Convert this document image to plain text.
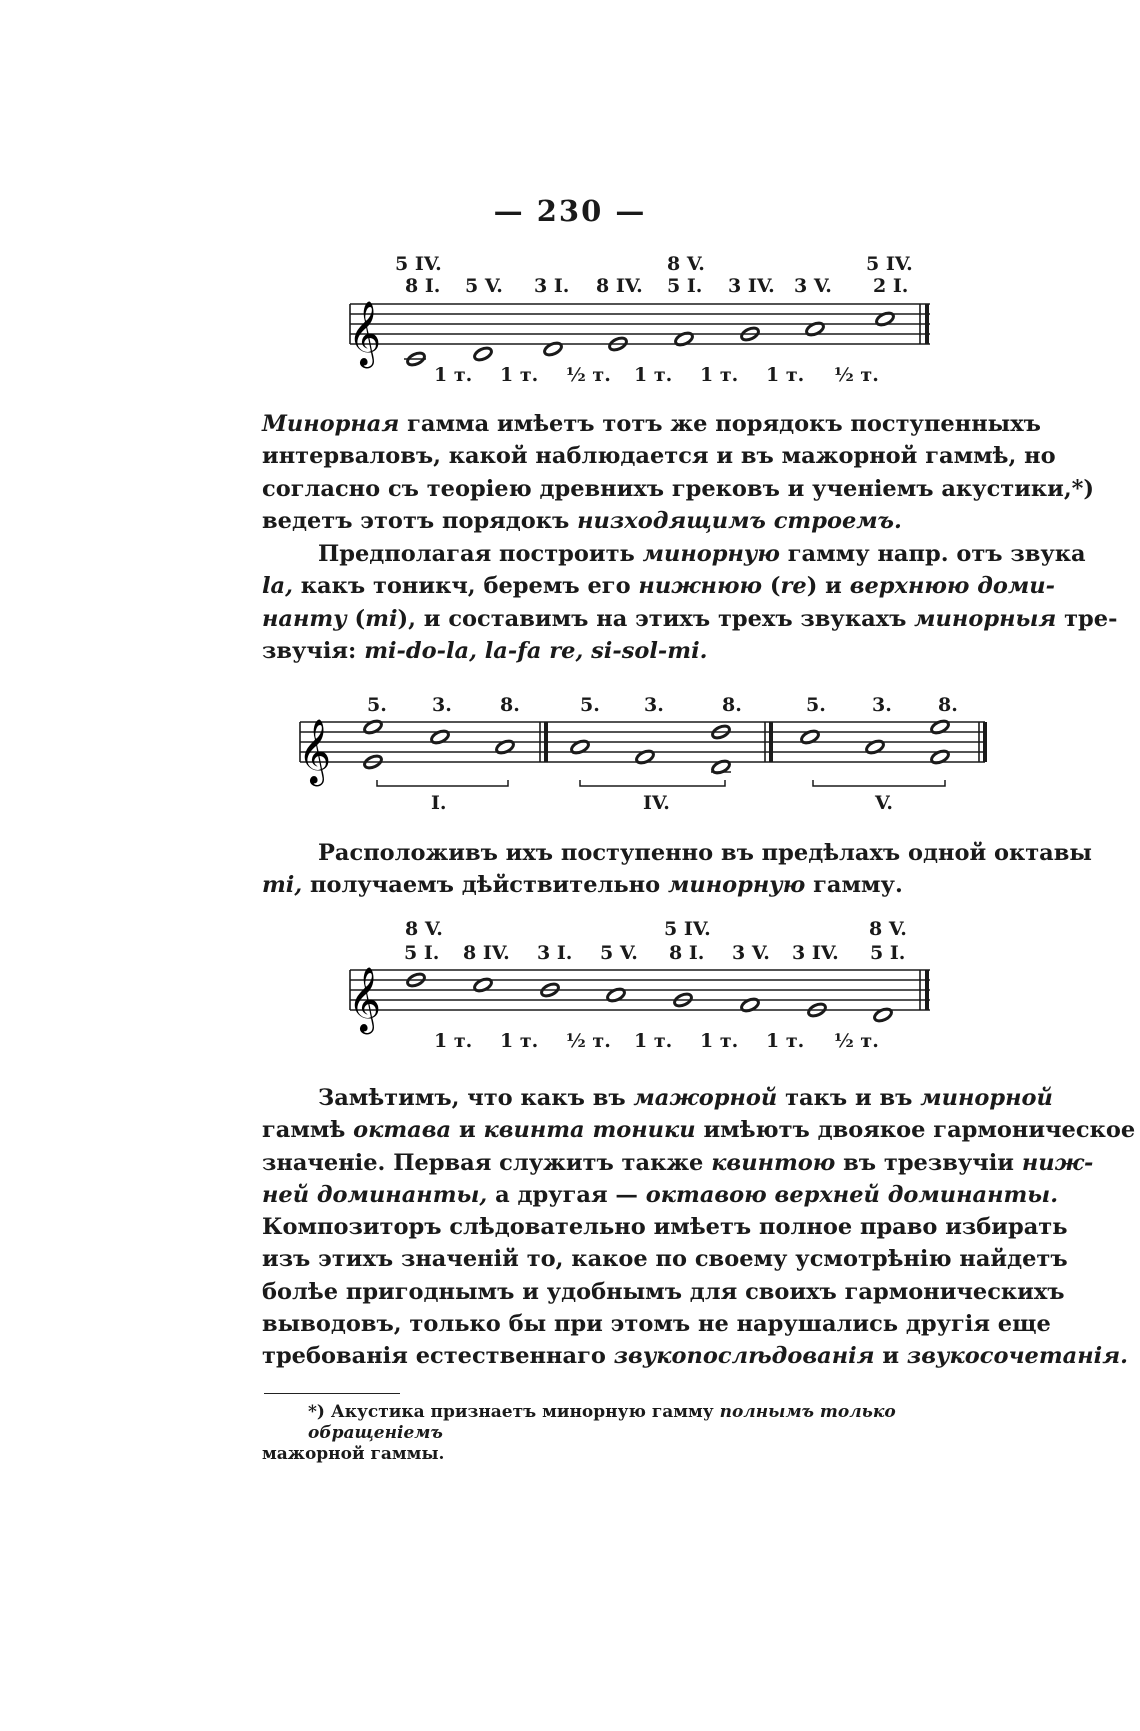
— 230 —
5 IV.	8 V.	5 IV.
8 I. 5 V. 3 I. 8 IV. 5 I. 3 IV. 3 V. 2 I.
𝄞
1 т. 1 т. ½ т. 1 т. 1 т. 1 т. ½ т.
Минорная гамма имѣетъ тотъ же порядокъ поступенныхъ
интерваловъ, какой наблюдается и въ мажорной гаммѣ, но
согласно съ теоріею древнихъ грековъ и ученіемъ акустики,*)
ведетъ этотъ порядокъ низходящимъ строемъ.
Предполагая построить минорную гамму напр. отъ звука
la, какъ тоникч, беремъ его нижнюю (re) и верхнюю доми-
нанту (mi), и составимъ на этихъ трехъ звукахъ минорныя тре-
звучія: mi-do-la, la-fa re, si-sol-mi.
5. 3.	8.	5. 3.	8.	5. 3. 8.
𝄞
I.	IV.	V.
Расположивъ ихъ поступенно въ предѣлахъ одной октавы
mi, получаемъ дѣйствительно минорную гамму.
8 V.	5 IV.	8 V.
5 I. 8 IV. 3 I. 5 V. 8 I. 3 V. 3 IV. 5 I.
𝄞
1 т. 1 т. ½ т. 1 т. 1 т. 1 т. ½ т.
Замѣтимъ, что какъ въ мажорной такъ и въ минорной
гаммѣ октава и квинта тоники имѣютъ двоякое гармоническое
значеніе. Первая служитъ также квинтою въ трезвучіи ниж-
ней доминанты, а другая — октавою верхней доминанты.
Композиторъ слѣдовательно имѣетъ полное право избирать
изъ этихъ значеній то, какое по своему усмотрѣнію найдетъ
болѣе пригоднымъ и удобнымъ для своихъ гармоническихъ
выводовъ, только бы при этомъ не нарушались другія еще
требованія естественнаго звукопослѣдованія и звукосочетанія.
*) Акустика признаетъ минорную гамму полнымъ только обращеніемъ
мажорной гаммы.
